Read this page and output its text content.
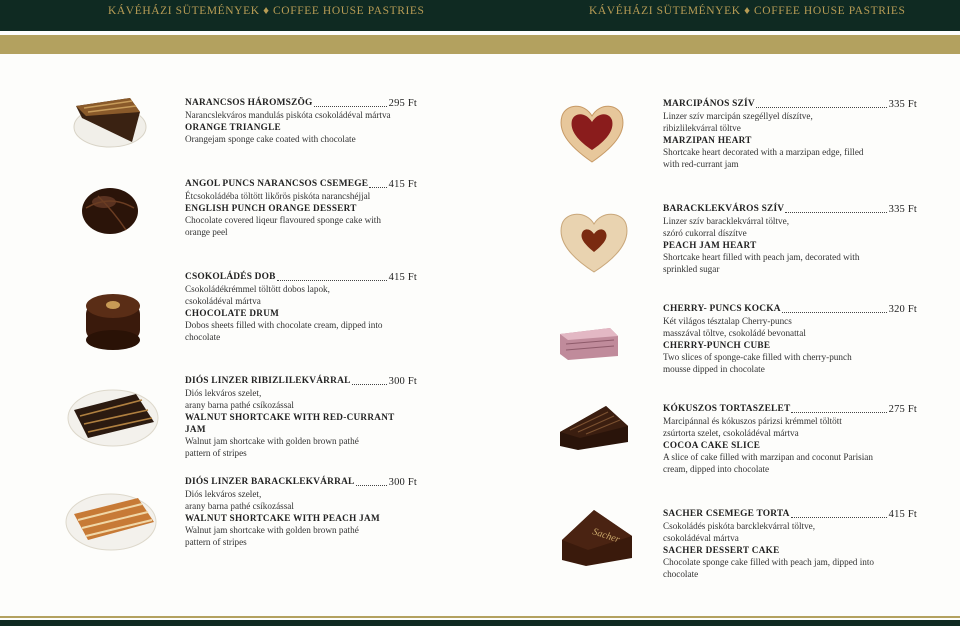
KÁVÉHÁZI SÜTEMÉNYEK ♦ COFFEE HOUSE PASTRIES	KÁVÉHÁZI SÜTEMÉNYEK ♦ COFFEE HOUSE PASTRIES
Sacher
NARANCSOS HÁROMSZÖG	295 Ft
Narancslekváros mandulás piskóta csokoládéval mártva
ORANGE TRIANGLE
Orangejam sponge cake coated with chocolate
ANGOL PUNCS NARANCSOS CSEMEGE 415 Ft
Étcsokoládéba töltött likőrös piskóta narancshéjjal
ENGLISH PUNCH ORANGE DESSERT
Chocolate covered liqeur flavoured sponge cake with
orange peel
CSOKOLÁDÉS DOB	415 Ft
Csokoládékrémmel töltött dobos lapok,
csokoládéval mártva
CHOCOLATE DRUM
Dobos sheets filled with chocolate cream, dipped into
chocolate
DIÓS LINZER RIBIZLILEKVÁRRAL	300 Ft
Diós lekváros szelet,
arany barna pathé csíkozással
WALNUT SHORTCAKE WITH RED-CURRANT JAM
Walnut jam shortcake with golden brown pathé
pattern of stripes
DIÓS LINZER BARACKLEKVÁRRAL	300 Ft
Diós lekváros szelet,
arany barna pathé csíkozással
WALNUT SHORTCAKE WITH PEACH JAM
Walnut jam shortcake with golden brown pathé
pattern of stripes
MARCIPÁNOS SZÍV	335 Ft
Linzer szív marcipán szegéllyel díszítve,
ribizlilekvárral töltve
MARZIPAN HEART
Shortcake heart decorated with a marzipan edge, filled
with red-currant jam
BARACKLEKVÁROS SZÍV	335 Ft
Linzer szív baracklekvárral töltve,
szóró cukorral díszítve
PEACH JAM HEART
Shortcake heart filled with peach jam, decorated with
sprinkled sugar
CHERRY- PUNCS KOCKA	320 Ft
Két világos tésztalap Cherry-puncs
masszával töltve, csokoládé bevonattal
CHERRY-PUNCH CUBE
Two slices of sponge-cake filled with cherry-punch
mousse dipped in chocolate
KÓKUSZOS TORTASZELET	275 Ft
Marcipánnal és kókuszos párizsi krémmel töltött
zsúrtorta szelet, csokoládéval mártva
COCOA CAKE SLICE
A slice of cake filled with marzipan and coconut Parisian
cream, dipped into chocolate
SACHER CSEMEGE TORTA	415 Ft
Csokoládés piskóta barcklekvárral töltve,
csokoládéval mártva
SACHER DESSERT CAKE
Chocolate sponge cake filled with peach jam, dipped into
chocolate
